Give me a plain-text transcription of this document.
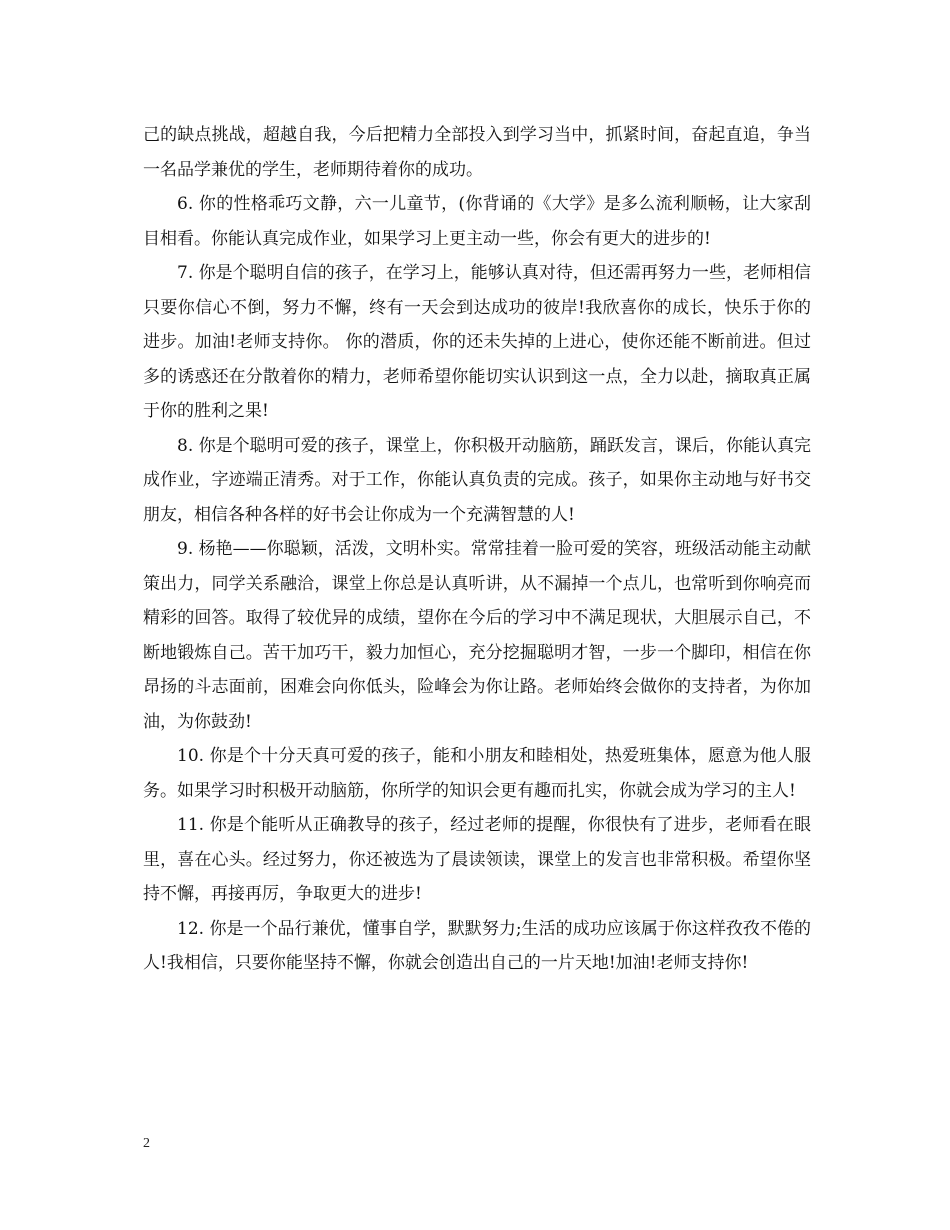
己的缺点挑战，超越自我，今后把精力全部投入到学习当中，抓紧时间，奋起直追，争当一名品学兼优的学生，老师期待着你的成功。

6. 你的性格乖巧文静，六一儿童节，(你背诵的《大学》是多么流利顺畅，让大家刮目相看。你能认真完成作业，如果学习上更主动一些，你会有更大的进步的!

7. 你是个聪明自信的孩子，在学习上，能够认真对待，但还需再努力一些，老师相信只要你信心不倒，努力不懈，终有一天会到达成功的彼岸!我欣喜你的成长，快乐于你的进步。加油!老师支持你。 你的潜质，你的还未失掉的上进心，使你还能不断前进。但过多的诱惑还在分散着你的精力，老师希望你能切实认识到这一点，全力以赴，摘取真正属于你的胜利之果!

8. 你是个聪明可爱的孩子，课堂上，你积极开动脑筋，踊跃发言，课后，你能认真完成作业，字迹端正清秀。对于工作，你能认真负责的完成。孩子，如果你主动地与好书交朋友，相信各种各样的好书会让你成为一个充满智慧的人!

9. 杨艳——你聪颖，活泼，文明朴实。常常挂着一脸可爱的笑容，班级活动能主动献策出力，同学关系融洽，课堂上你总是认真听讲，从不漏掉一个点儿，也常听到你响亮而精彩的回答。取得了较优异的成绩，望你在今后的学习中不满足现状，大胆展示自己，不断地锻炼自己。苦干加巧干，毅力加恒心，充分挖掘聪明才智，一步一个脚印，相信在你昂扬的斗志面前，困难会向你低头，险峰会为你让路。老师始终会做你的支持者，为你加油，为你鼓劲!

10. 你是个十分天真可爱的孩子，能和小朋友和睦相处，热爱班集体，愿意为他人服务。如果学习时积极开动脑筋，你所学的知识会更有趣而扎实，你就会成为学习的主人!

11. 你是个能听从正确教导的孩子，经过老师的提醒，你很快有了进步，老师看在眼里，喜在心头。经过努力，你还被选为了晨读领读，课堂上的发言也非常积极。希望你坚持不懈，再接再厉，争取更大的进步!

12. 你是一个品行兼优，懂事自学，默默努力;生活的成功应该属于你这样孜孜不倦的人!我相信，只要你能坚持不懈，你就会创造出自己的一片天地!加油!老师支持你!

2
